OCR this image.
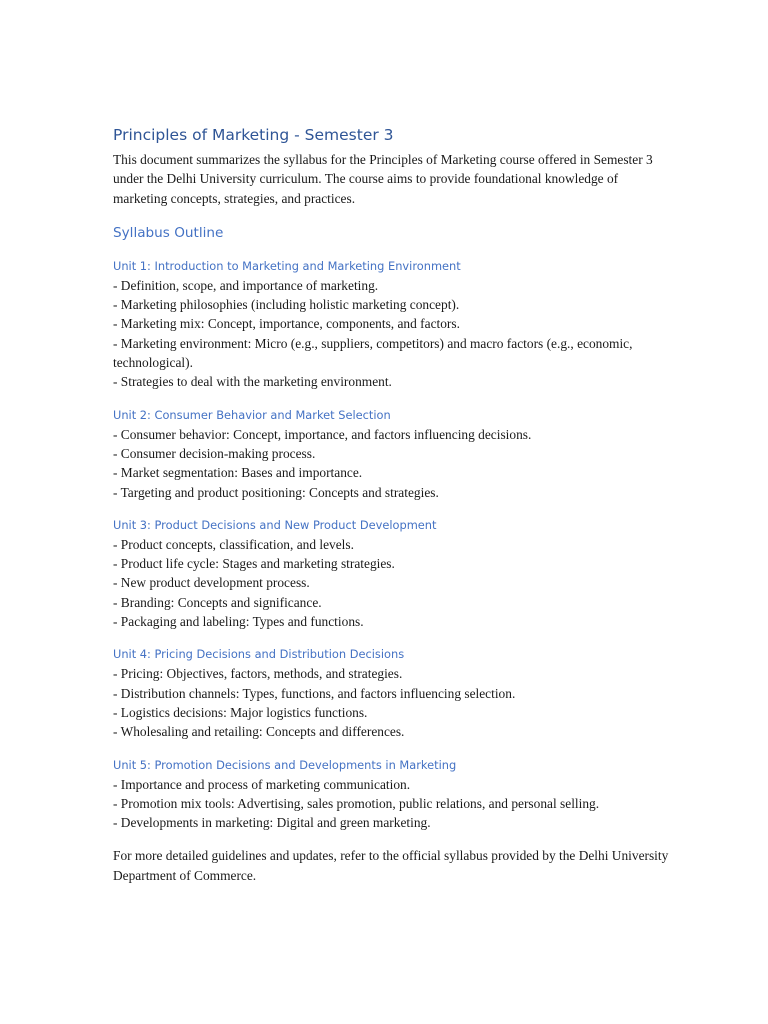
Principles of Marketing - Semester 3

This document summarizes the syllabus for the Principles of Marketing course offered in Semester 3 under the Delhi University curriculum. The course aims to provide foundational knowledge of marketing concepts, strategies, and practices.

Syllabus Outline
Unit 1: Introduction to Marketing and Marketing Environment
- Definition, scope, and importance of marketing.
- Marketing philosophies (including holistic marketing concept).
- Marketing mix: Concept, importance, components, and factors.
- Marketing environment: Micro (e.g., suppliers, competitors) and macro factors (e.g., economic, technological).
- Strategies to deal with the marketing environment.
Unit 2: Consumer Behavior and Market Selection
- Consumer behavior: Concept, importance, and factors influencing decisions.
- Consumer decision-making process.
- Market segmentation: Bases and importance.
- Targeting and product positioning: Concepts and strategies.
Unit 3: Product Decisions and New Product Development
- Product concepts, classification, and levels.
- Product life cycle: Stages and marketing strategies.
- New product development process.
- Branding: Concepts and significance.
- Packaging and labeling: Types and functions.
Unit 4: Pricing Decisions and Distribution Decisions
- Pricing: Objectives, factors, methods, and strategies.
- Distribution channels: Types, functions, and factors influencing selection.
- Logistics decisions: Major logistics functions.
- Wholesaling and retailing: Concepts and differences.
Unit 5: Promotion Decisions and Developments in Marketing
- Importance and process of marketing communication.
- Promotion mix tools: Advertising, sales promotion, public relations, and personal selling.
- Developments in marketing: Digital and green marketing.

For more detailed guidelines and updates, refer to the official syllabus provided by the Delhi University Department of Commerce.
